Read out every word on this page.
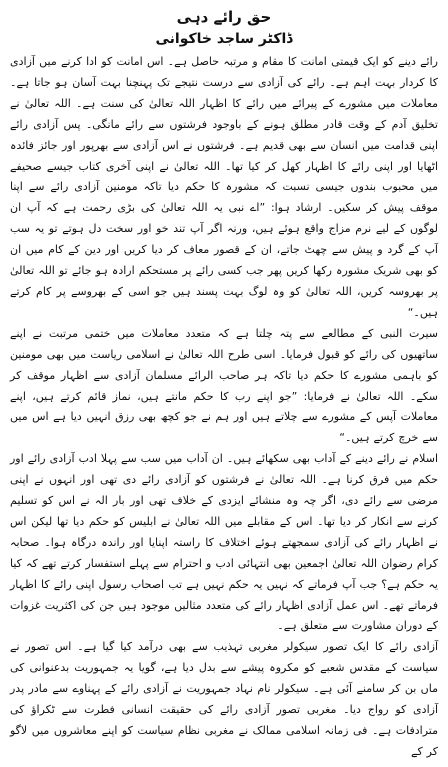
حق رائے دہی
ڈاکٹر ساجد خاکوانی

رائے دینے کو ایک قیمتی امانت کا مقام و مرتبہ حاصل ہے۔ اس امانت کو ادا کرنے میں آزادی کا کردار بہت اہم ہے۔ رائے کی آزادی سے درست نتیجے تک پہنچنا بہت آسان ہو جاتا ہے۔ معاملات میں مشورے کے پیرائے میں رائے کا اظہار اللہ تعالیٰ کی سنت ہے۔ اللہ تعالیٰ نے تخلیق آدم کے وقت قادر مطلق ہونے کے باوجود فرشتوں سے رائے مانگی۔ پس آزادی رائے اپنی قدامت میں انسان سے بھی قدیم ہے۔ فرشتوں نے اس آزادی سے بھرپور اور جائز فائدہ اٹھایا اور اپنی رائے کا اظہار کھل کر کیا تھا۔ اللہ تعالیٰ نے اپنی آخری کتاب جیسے صحیفے میں محبوب بندوں جیسی نسبت کہ مشورہ کا حکم دیا تاکہ مومنین آزادی رائے سے اپنا موقف پیش کر سکیں۔ ارشاد ہوا: ”اے نبی یہ اللہ تعالیٰ کی بڑی رحمت ہے کہ آپ ان لوگوں کے لیے نرم مزاج واقع ہوئے ہیں، ورنہ اگر آپ تند خو اور سخت دل ہوتے تو یہ سب آپ کے گرد و پیش سے چھٹ جاتے، ان کے قصور معاف کر دیا کریں اور دین کے کام میں ان کو بھی شریک مشورہ رکھا کریں پھر جب کسی رائے پر مستحکم ارادہ ہو جائے تو اللہ تعالیٰ پر بھروسہ کریں، اللہ تعالیٰ کو وہ لوگ بہت پسند ہیں جو اسی کے بھروسے پر کام کرتے ہیں۔“

سیرت النبی کے مطالعے سے پتہ چلتا ہے کہ متعدد معاملات میں ختمی مرتبت نے اپنے ساتھیوں کی رائے کو قبول فرمایا۔ اسی طرح اللہ تعالیٰ نے اسلامی ریاست میں بھی مومنین کو باہمی مشورے کا حکم دیا تاکہ ہر صاحب الرائے مسلمان آزادی سے اظہار موقف کر سکے۔ اللہ تعالیٰ نے فرمایا: ”جو اپنے رب کا حکم مانتے ہیں، نماز قائم کرتے ہیں، اپنے معاملات آپس کے مشورے سے چلاتے ہیں اور ہم نے جو کچھ بھی رزق انہیں دیا ہے اس میں سے خرچ کرتے ہیں۔“

اسلام نے رائے دینے کے آداب بھی سکھائے ہیں۔ ان آداب میں سب سے پہلا ادب آزادی رائے اور حکم میں فرق کرنا ہے۔ اللہ تعالیٰ نے فرشتوں کو آزادی رائے دی تھی اور انہوں نے اپنی مرضی سے رائے دی، اگر چہ وہ منشائے ایزدی کے خلاف تھی اور بار الہ نے اس کو تسلیم کرنے سے انکار کر دیا تھا۔ اس کے مقابلے میں اللہ تعالیٰ نے ابلیس کو حکم دیا تھا لیکن اس نے اظہار رائے کی آزادی سمجھتے ہوئے اختلاف کا راستہ اپنایا اور راندہ درگاہ ہوا۔ صحابہ کرام رضوان اللہ تعالیٰ اجمعین بھی انتہائی ادب و احترام سے پہلے استفسار کرتے تھے کہ کیا یہ حکم ہے؟ جب آپ فرماتے کہ نہیں یہ حکم نہیں ہے تب اصحاب رسول اپنی رائے کا اظہار فرماتے تھے۔ اس عمل آزادی اظہار رائے کی متعدد مثالیں موجود ہیں جن کی اکثریت غزوات کے دوران مشاورت سے متعلق ہے۔

آزادی رائے کا ایک تصور سیکولر مغربی تہذیب سے بھی درآمد کیا گیا ہے۔ اس تصور نے سیاست کے مقدس شعبے کو مکروہ پیشے سے بدل دیا ہے، گویا یہ جمہوریت بدعنوانی کی ماں بن کر سامنے آئی ہے۔ سیکولر نام نہاد جمہوریت نے آزادی رائے کے پہناوے سے مادر پدر آزادی کو رواج دیا۔ مغربی تصور آزادی رائے کی حقیقت انسانی فطرت سے ٹکراؤ کی مترادفات ہے۔ فی زمانہ اسلامی ممالک نے مغربی نظام سیاست کو اپنے معاشروں میں لاگو کر کے
